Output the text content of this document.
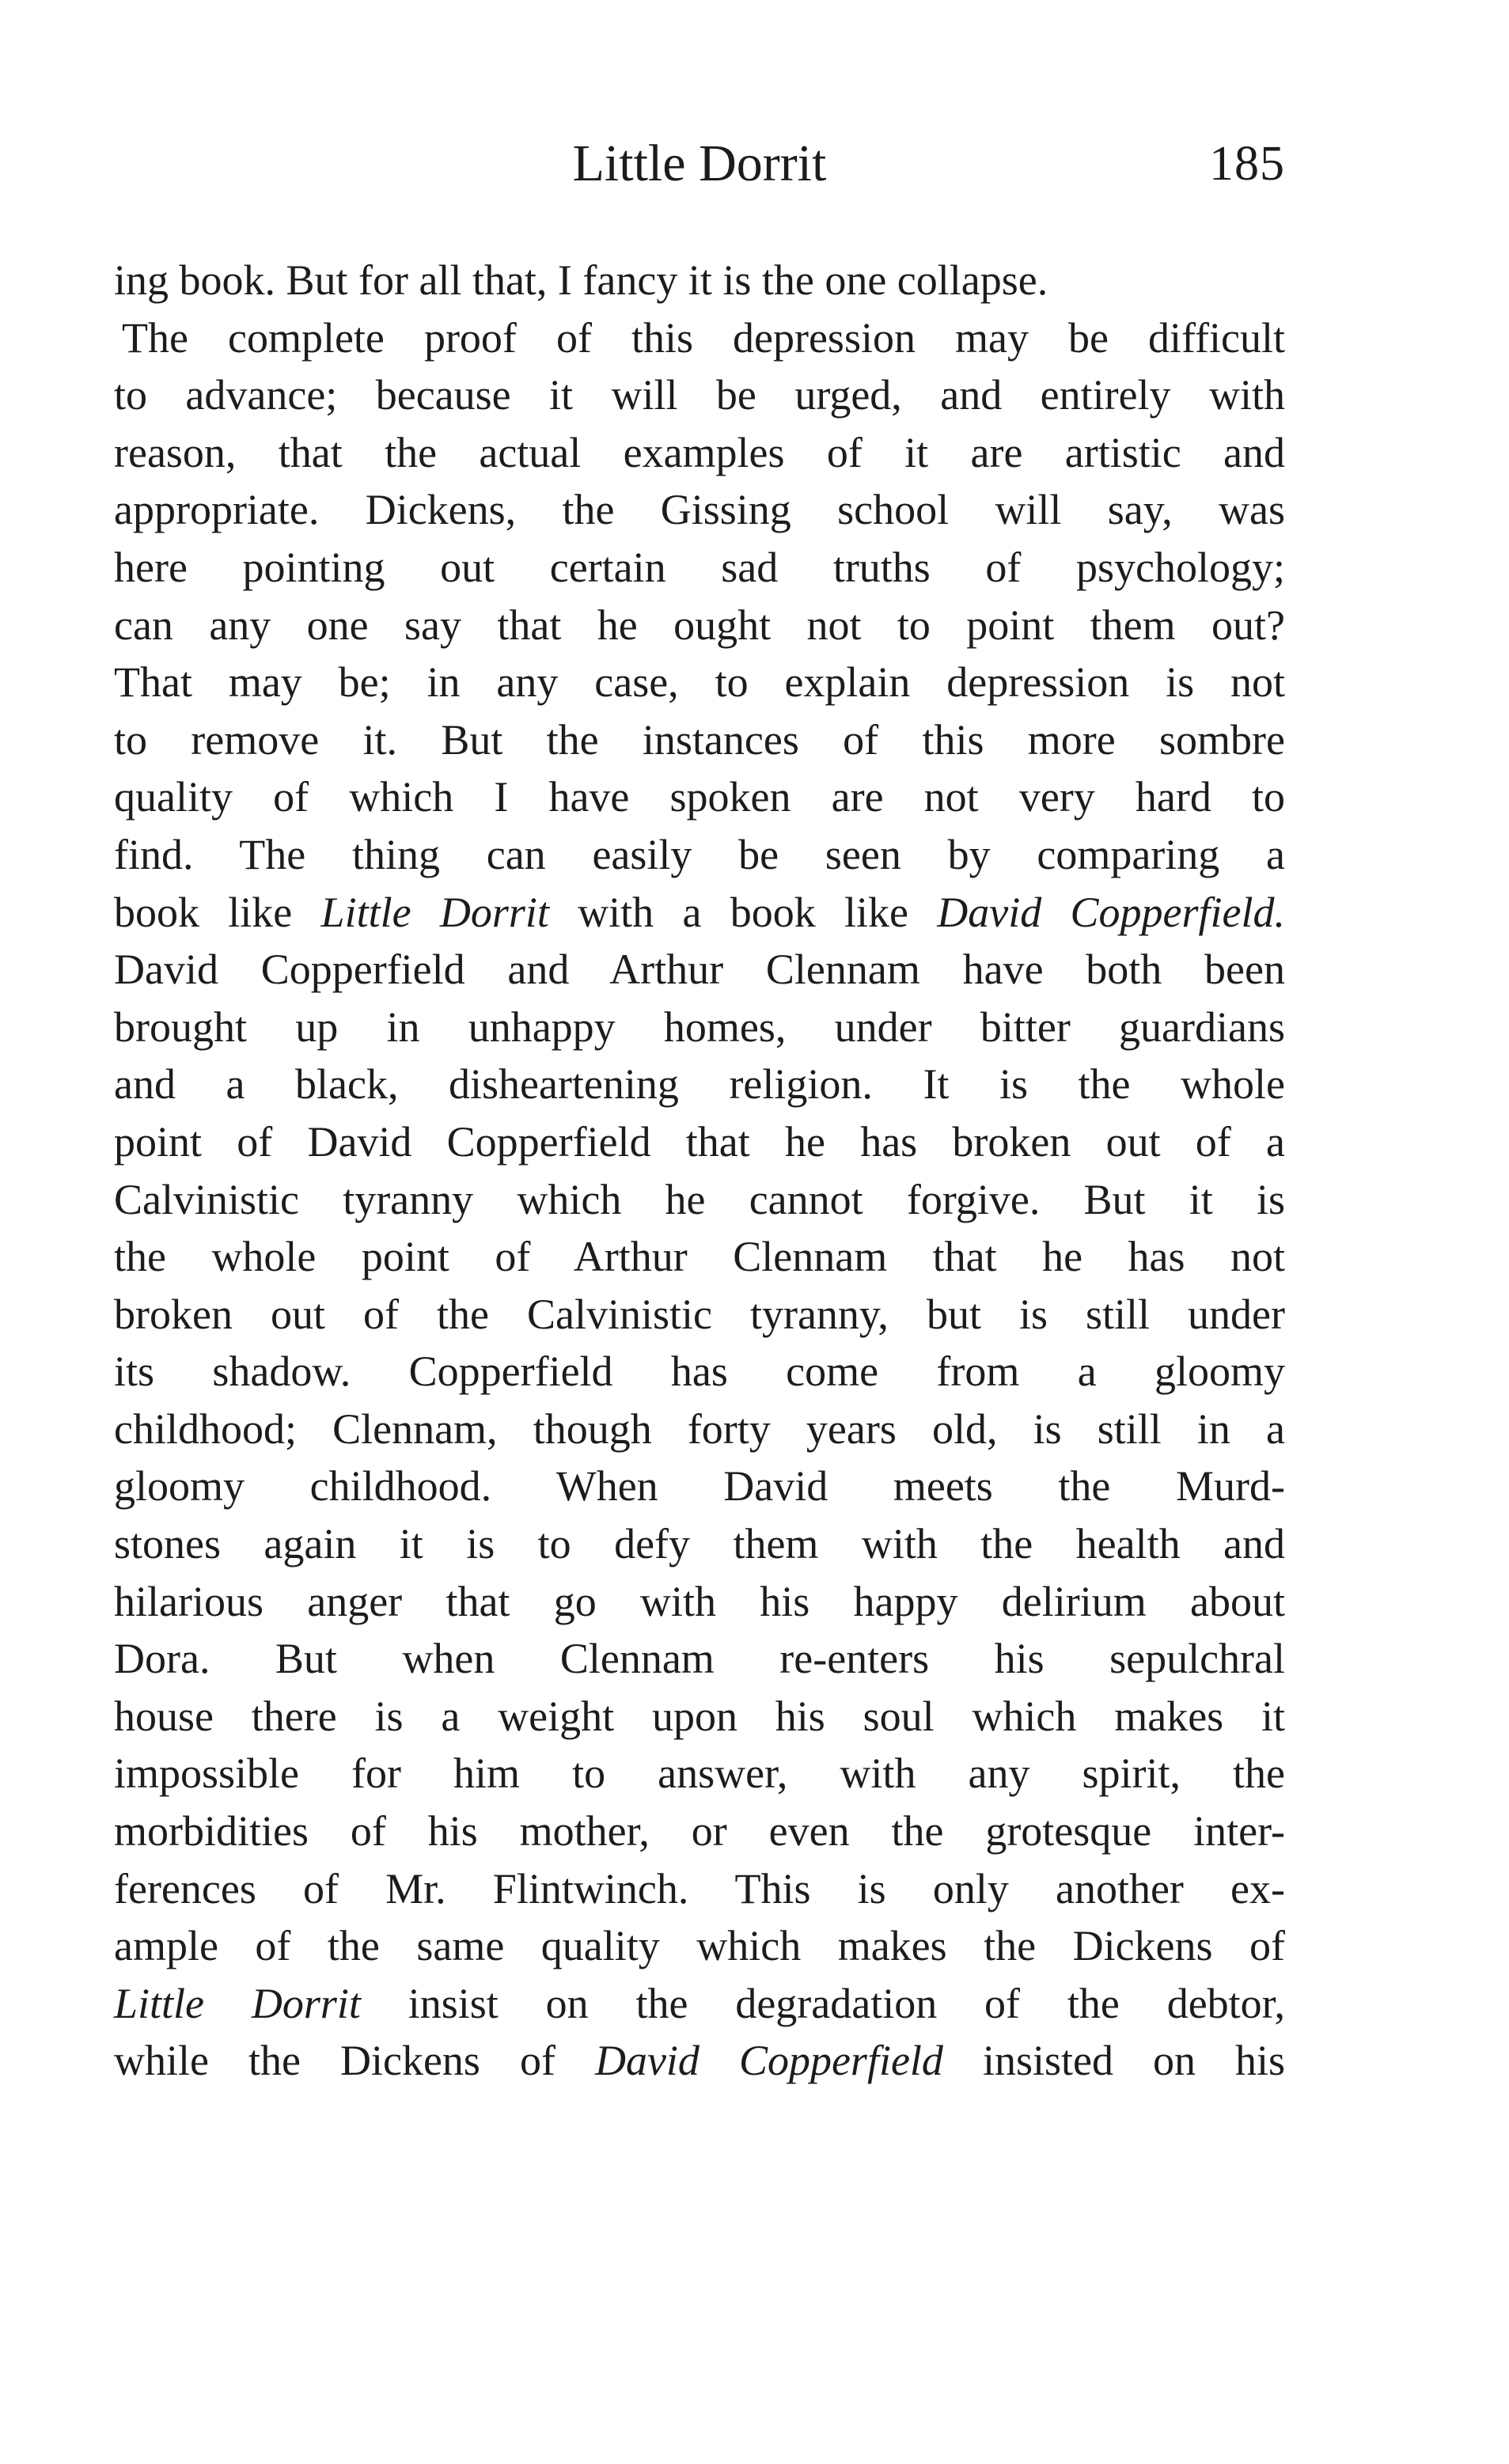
Little Dorrit	185
ing book. But for all that, I fancy it is the one collapse.
The complete proof of this depression may be difficult
to advance; because it will be urged, and entirely with
reason, that the actual examples of it are artistic and
appropriate. Dickens, the Gissing school will say, was
here pointing out certain sad truths of psychology;
can any one say that he ought not to point them out?
That may be; in any case, to explain depression is not
to remove it. But the instances of this more sombre
quality of which I have spoken are not very hard to
find. The thing can easily be seen by comparing a
book like Little Dorrit with a book like David Copperfield.
David Copperfield and Arthur Clennam have both been
brought up in unhappy homes, under bitter guardians
and a black, disheartening religion. It is the whole
point of David Copperfield that he has broken out of a
Calvinistic tyranny which he cannot forgive. But it is
the whole point of Arthur Clennam that he has not
broken out of the Calvinistic tyranny, but is still under
its shadow. Copperfield has come from a gloomy
childhood; Clennam, though forty years old, is still in a
gloomy childhood. When David meets the Murd-
stones again it is to defy them with the health and
hilarious anger that go with his happy delirium about
Dora. But when Clennam re-enters his sepulchral
house there is a weight upon his soul which makes it
impossible for him to answer, with any spirit, the
morbidities of his mother, or even the grotesque inter-
ferences of Mr. Flintwinch. This is only another ex-
ample of the same quality which makes the Dickens of
Little Dorrit insist on the degradation of the debtor,
while the Dickens of David Copperfield insisted on his
